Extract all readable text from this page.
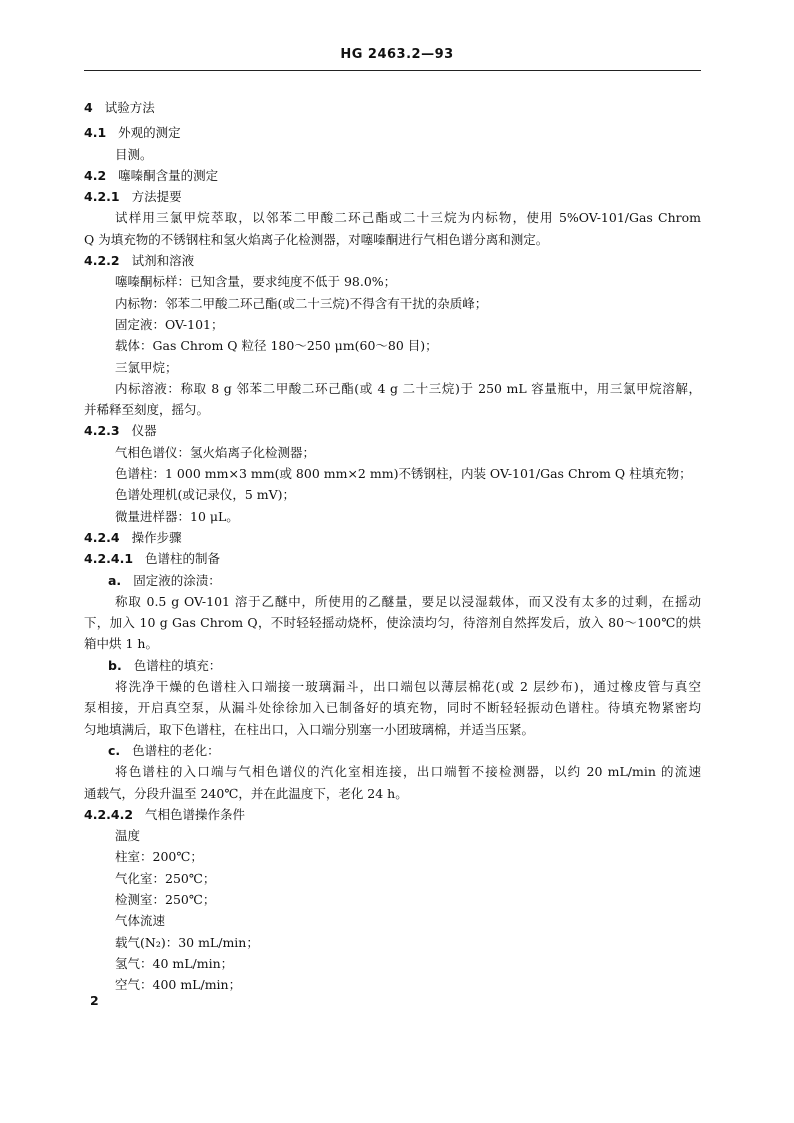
HG 2463.2—93

4 试验方法

4.1 外观的测定

目测。

4.2 噻嗪酮含量的测定

4.2.1 方法提要

试样用三氯甲烷萃取，以邻苯二甲酸二环己酯或二十三烷为内标物，使用 5%OV-101/Gas Chrom

Q 为填充物的不锈钢柱和氢火焰离子化检测器，对噻嗪酮进行气相色谱分离和测定。

4.2.2 试剂和溶液

噻嗪酮标样：已知含量，要求纯度不低于 98.0%；

内标物：邻苯二甲酸二环己酯(或二十三烷)不得含有干扰的杂质峰；

固定液：OV-101；

载体：Gas Chrom Q 粒径 180～250 μm(60～80 目)；

三氯甲烷；

内标溶液：称取 8 g 邻苯二甲酸二环己酯(或 4 g 二十三烷)于 250 mL 容量瓶中，用三氯甲烷溶解，

并稀释至刻度，摇匀。

4.2.3 仪器

气相色谱仪：氢火焰离子化检测器；

色谱柱：1 000 mm×3 mm(或 800 mm×2 mm)不锈钢柱，内装 OV-101/Gas Chrom Q 柱填充物；

色谱处理机(或记录仪，5 mV)；

微量进样器：10 μL。

4.2.4 操作步骤

4.2.4.1 色谱柱的制备

a. 固定液的涂渍：

称取 0.5 g OV-101 溶于乙醚中，所使用的乙醚量，要足以浸湿载体，而又没有太多的过剩，在摇动

下，加入 10 g Gas Chrom Q，不时轻轻摇动烧杯，使涂渍均匀，待溶剂自然挥发后，放入 80～100℃的烘

箱中烘 1 h。

b. 色谱柱的填充：

将洗净干燥的色谱柱入口端接一玻璃漏斗，出口端包以薄层棉花(或 2 层纱布)，通过橡皮管与真空

泵相接，开启真空泵，从漏斗处徐徐加入已制备好的填充物，同时不断轻轻振动色谱柱。待填充物紧密均

匀地填满后，取下色谱柱，在柱出口，入口端分别塞一小团玻璃棉，并适当压紧。

c. 色谱柱的老化：

将色谱柱的入口端与气相色谱仪的汽化室相连接，出口端暂不接检测器，以约 20 mL/min 的流速

通载气，分段升温至 240℃，并在此温度下，老化 24 h。

4.2.4.2 气相色谱操作条件

温度

柱室：200℃；

气化室：250℃；

检测室：250℃；

气体流速

载气(N₂)：30 mL/min；

氢气：40 mL/min；

空气：400 mL/min；

2
